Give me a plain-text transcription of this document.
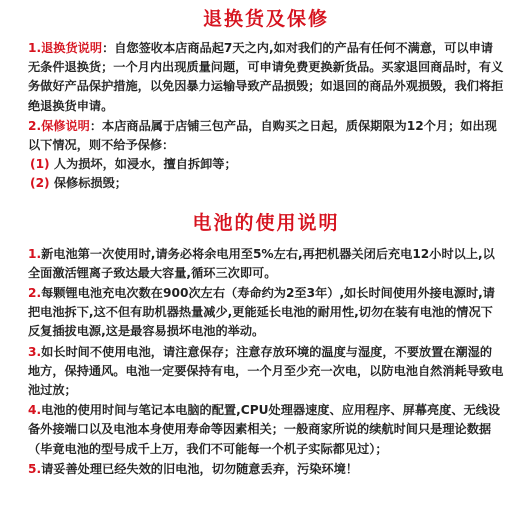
退换货及保修

1.退换货说明：自您签收本店商品起7天之内,如对我们的产品有任何不满意，可以申请无条件退换货；一个月内出现质量问题，可申请免费更换新货品。买家退回商品时，有义务做好产品保护措施，以免因暴力运输导致产品损毁；如退回的商品外观损毁，我们将拒绝退换货申请。

2.保修说明：本店商品属于店铺三包产品，自购买之日起，质保期限为12个月；如出现以下情况，则不给予保修：

(1) 人为损坏，如浸水，擅自拆卸等；

(2) 保修标损毁；

电池的使用说明

1.新电池第一次使用时,请务必将余电用至5%左右,再把机器关闭后充电12小时以上,以全面激活锂离子致达最大容量,循环三次即可。

2.每颗锂电池充电次数在900次左右（寿命约为2至3年）,如长时间使用外接电源时,请把电池拆下,这不但有助机器热量减少,更能延长电池的耐用性,切勿在装有电池的情况下反复插拔电源,这是最容易损坏电池的举动。

3.如长时间不使用电池，请注意保存；注意存放环境的温度与湿度，不要放置在潮湿的地方，保持通风。电池一定要保持有电，一个月至少充一次电，以防电池自然消耗导致电池过放；

4.电池的使用时间与笔记本电脑的配置,CPU处理器速度、应用程序、屏幕亮度、无线设备外接端口以及电池本身使用寿命等因素相关；一般商家所说的续航时间只是理论数据（毕竟电池的型号成千上万，我们不可能每一个机子实际都见过）；

5.请妥善处理已经失效的旧电池，切勿随意丢弃，污染环境！
